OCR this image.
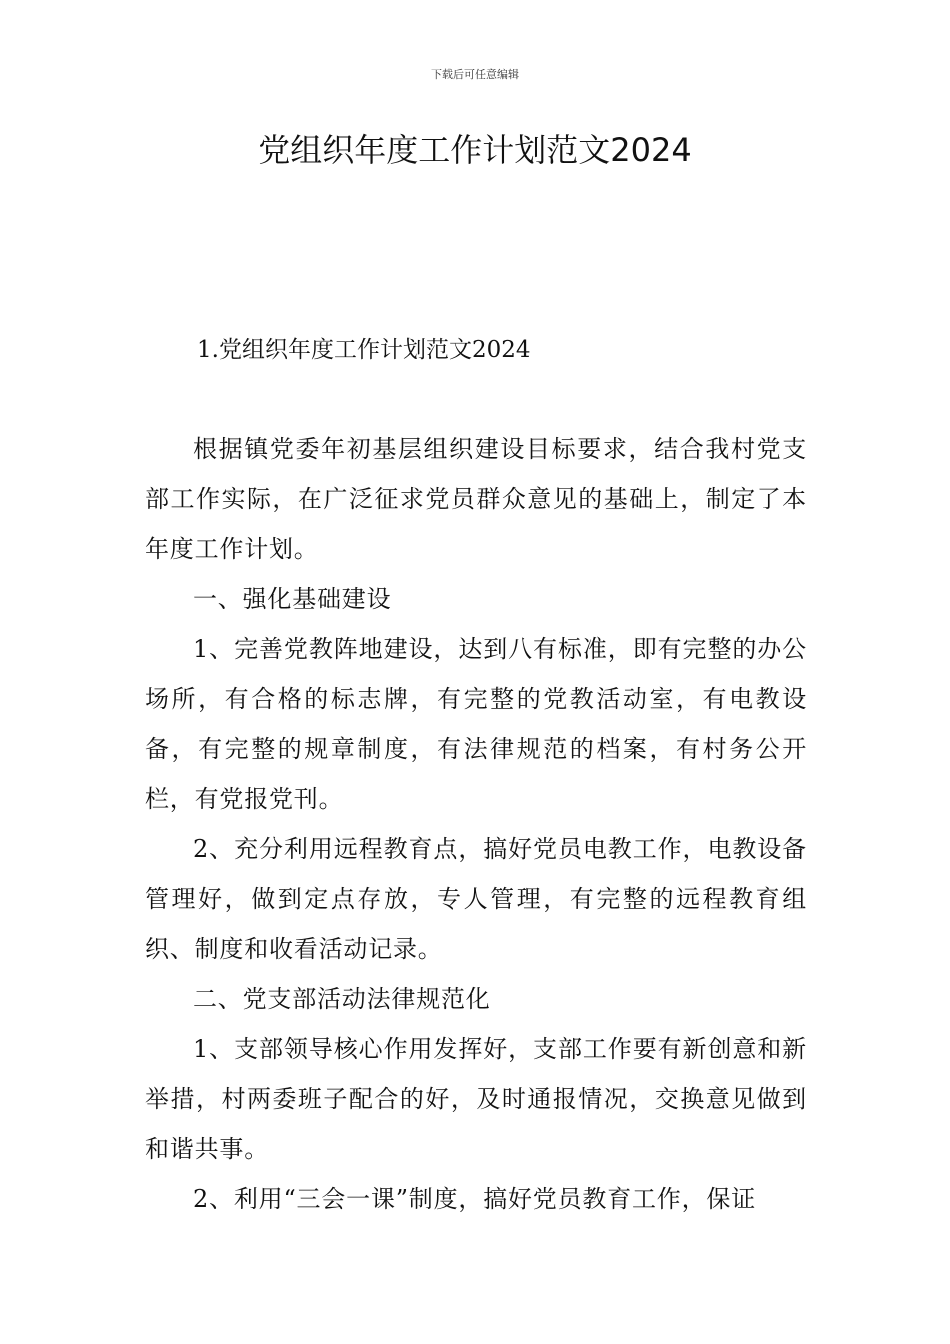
下载后可任意编辑
党组织年度工作计划范文2024

1.党组织年度工作计划范文2024

根据镇党委年初基层组织建设目标要求，结合我村党支部工作实际，在广泛征求党员群众意见的基础上，制定了本年度工作计划。

一、强化基础建设

1、完善党教阵地建设，达到八有标准，即有完整的办公场所，有合格的标志牌，有完整的党教活动室，有电教设备，有完整的规章制度，有法律规范的档案，有村务公开栏，有党报党刊。

2、充分利用远程教育点，搞好党员电教工作，电教设备管理好，做到定点存放，专人管理，有完整的远程教育组织、制度和收看活动记录。

二、党支部活动法律规范化

1、支部领导核心作用发挥好，支部工作要有新创意和新举措，村两委班子配合的好，及时通报情况，交换意见做到和谐共事。

2、利用“三会一课”制度，搞好党员教育工作，保证
